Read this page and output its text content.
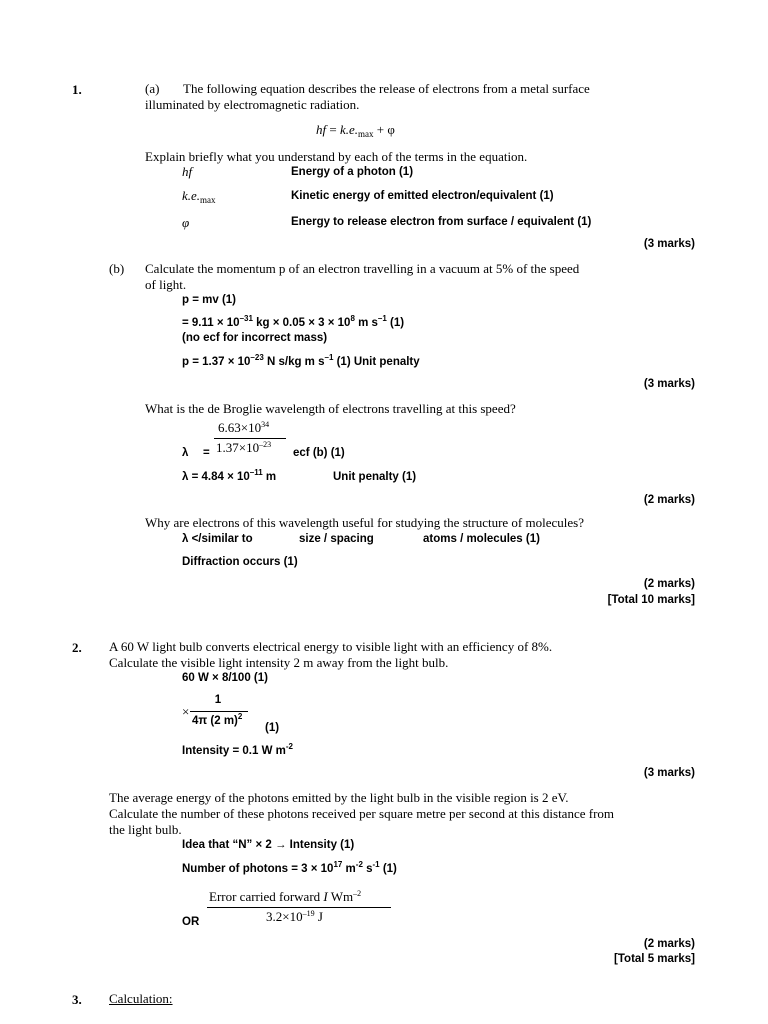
1.	(a) The following equation describes the release of electrons from a metal surface
illuminated by electromagnetic radiation.
hf = $k.e._{max} + \varphi$
Explain briefly what you understand by each of the terms in the equation.
hf	Energy of a photon (1)
$k.e._{max}$	Kinetic energy of emitted electron/equivalent (1)
φ	Energy to release electron from surface / equivalent (1)
(3 marks)
(b) Calculate the momentum p of an electron travelling in a vacuum at 5% of the speed
of light.
p = mv (1)
= $9.11 \times 10^{-31}$ kg × $0.05 \times 3 \times 10^8$ m $s^{-1}$ (1)
(no ecf for incorrect mass)
$p = 1.37 \times 10^{-23}$ N s/kg m $s^{-1}$ (1) Unit penalty
(3 marks)
What is the de Broglie wavelength of electrons travelling at this speed?
$6.63\times 10^{34}$
$\lambda = 1.37\times 10^{-23}$
ecf (b) (1)
$\lambda = 4.84 \times 10^{-11}$ m	Unit penalty (1)
(2 marks)
Why are electrons of this wavelength useful for studying the structure of molecules?
λ </similar to	size / spacing	atoms / molecules (1)
Diffraction occurs (1)
(2 marks)
[Total 10 marks]
2. A 60 W light bulb converts electrical energy to visible light with an efficiency of 8%.
Calculate the visible light intensity 2 m away from the light bulb.
60 W × 8/100 (1)
×
1
4π (2 m)$^2$
(1)
Intensity = 0.1 W $m^{-2}$
(3 marks)
The average energy of the photons emitted by the light bulb in the visible region is 2 eV.
Calculate the number of these photons received per square metre per second at this distance from
the light bulb.
Idea that “N” × 2 → Intensity (1)
Number of photons = $3 \times 10^{17}$ $m^{-2}$ $s^{-1}$ (1)
Error carried forward I $Wm^{-2}$
OR	$3.2\times 10^{-19}$ J
(2 marks)
[Total 5 marks]
3. Calculation:
